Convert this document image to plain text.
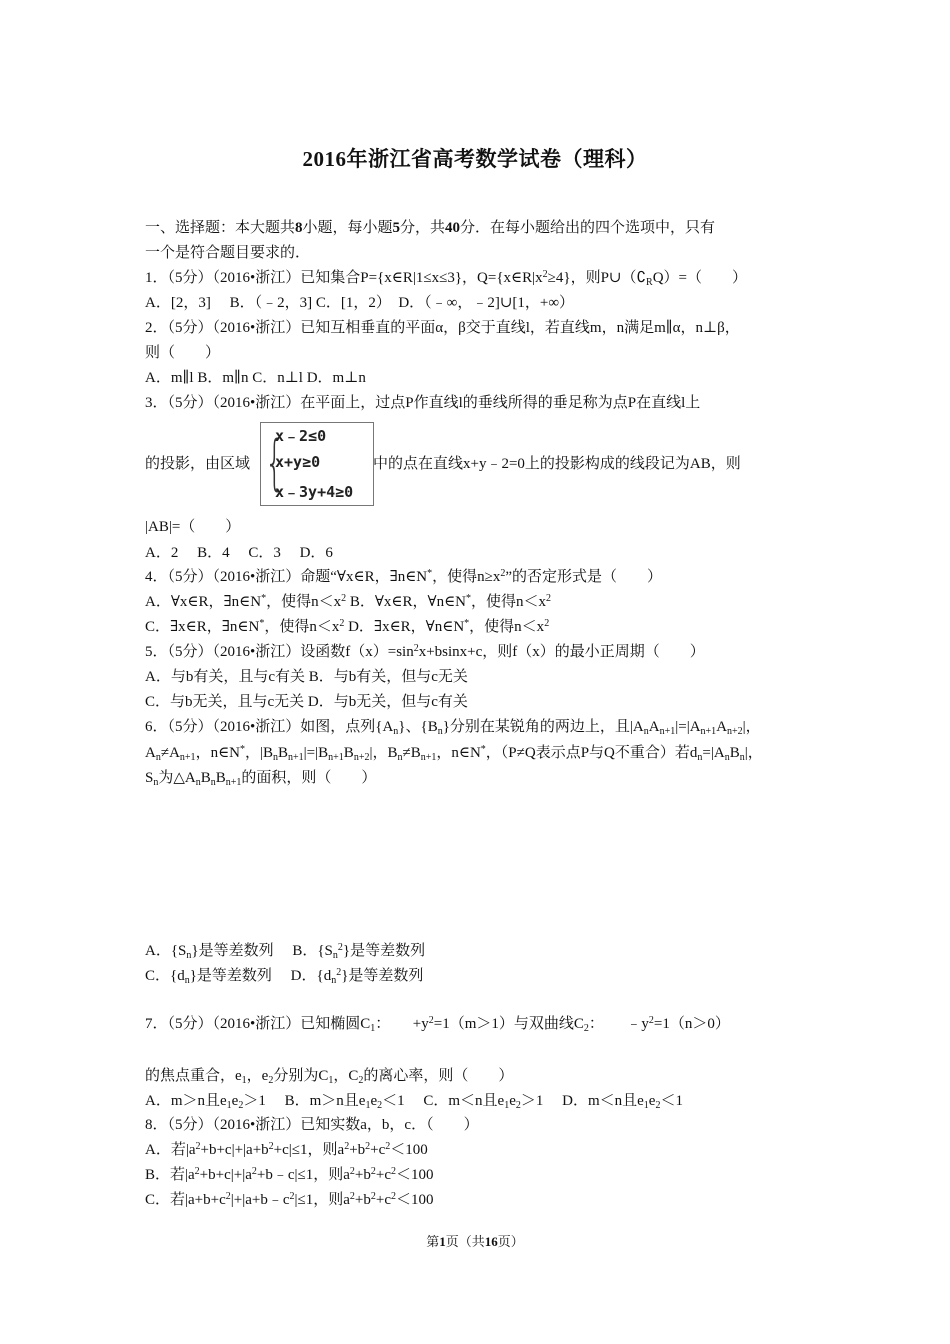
2016年浙江省高考数学试卷（理科）
一、选择题：本大题共8小题，每小题5分，共40分．在每小题给出的四个选项中，只有
一个是符合题目要求的．
1．（5分）（2016•浙江）已知集合P={x∈R|1≤x≤3}，$Q=\{x\in R|x^2\ge 4\}$，则$P\cup(∁_RQ)=$（　　）
A．[2，3]　 B．（﹣2，3] C．[1，2）　D．（﹣∞，﹣2]∪[1，+∞）
2．（5分）（2016•浙江）已知互相垂直的平面α，β交于直线l，若直线m，n满足m∥α，n⊥β，
则（　　）
A．m∥l B．m∥n C．n⊥l D．m⊥n
3．（5分）（2016•浙江）在平面上，过点P作直线l的垂线所得的垂足称为点P在直线l上
的投影，由区域 {
x﹣2≤0
x+y≥0
x﹣3y+4≥0
中的点在直线x+y﹣2=0上的投影构成的线段记为AB，则
|AB|=（　　）
A．2　 B．4　 C．3　 D．6
4．（5分）（2016•浙江）命题“∀x∈R，∃n∈N*，使得$n\ge x^2$”的否定形式是（　　）
A．∀x∈R，∃n∈N*，使得$n<x^2$ B．∀x∈R，∀n∈N*，使得$n<x^2$
C．∃x∈R，∃n∈N*，使得$n<x^2$ D．∃x∈R，∀n∈N*，使得$n<x^2$
5．（5分）（2016•浙江）设函数$f(x)=\sin^2x+bsinx+c$，则f（x）的最小正周期（　　）
A．与b有关，且与c有关 B．与b有关，但与c无关
C．与b无关，且与c无关 D．与b无关，但与c有关
6．（5分）（2016•浙江）如图，点列$\{A_n\}$、$\{B_n\}$分别在某锐角的两边上，且$|A_nA_{n+1}|=|A_{n+1}A_{n+2}|$，
$A_n\ne A_{n+1}$，n∈N*，$|B_nB_{n+1}|=|B_{n+1}B_{n+2}|$，$B_n\ne B_{n+1}$，n∈N*，（P≠Q表示点P与Q不重合）若$d_n=|A_nB_n|$，
$S_n$为$\triangle A_nB_nB_{n+1}$的面积，则（　　）
A．$\{S_n\}$是等差数列　 B．$\{S_n^2\}$是等差数列
C．$\{d_n\}$是等差数列　 D．$\{d_n^2\}$是等差数列
7．（5分）（2016•浙江）已知椭圆$C_1$：　　$+y^2=1(m>1)$与双曲线$C_2$：　　$﹣y^2=1(n>0)$
的焦点重合，$e_1$，$e_2$分别为$C_1$，$C_2$的离心率，则（　　）
A．m＞n且$e_1e_2>1$　 B．m＞n且$e_1e_2<1$　 C．m＜n且$e_1e_2>1$　 D．m＜n且$e_1e_2<1$
8．（5分）（2016•浙江）已知实数a，b，c．（　　）
A．若$|a^2+b+c|+|a+b^2+c|\le 1$，则$a^2+b^2+c^2<100$
B．若$|a^2+b+c|+|a^2+b﹣c|\le 1$，则$a^2+b^2+c^2<100$
C．若$|a+b+c^2|+|a+b﹣c^2|\le 1$，则$a^2+b^2+c^2<100$
第1页（共16页）
